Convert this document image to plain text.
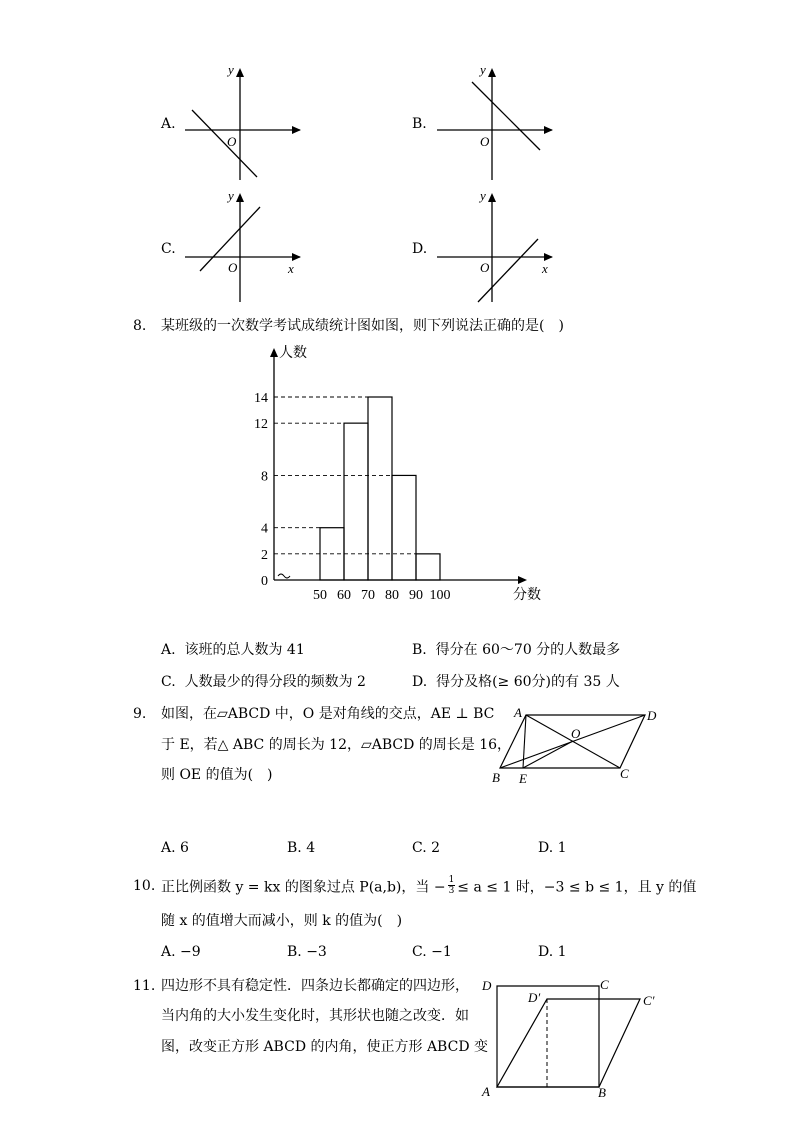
A.
y
O
B.
y
O
C.
y
O	x
D.
y
O	x
8. 某班级的一次数学考试成绩统计图如图，则下列说法正确的是(　)
人数
分数
0
2
4
8
12
14
50 60 70 80 90 100
A. 该班的总人数为 41	B. 得分在 60～70 分的人数最多
C. 人数最少的得分段的频数为 2	D. 得分及格(≥ 60分)的有 35 人
9. 如图，在▱ABCD 中，O 是对角线的交点，AE ⊥ BC
于 E，若△ ABC 的周长为 12，▱ABCD 的周长是 16，
则 OE 的值为(　)
A	D
O
B E	C
A. 6	B. 4	C. 2	D. 1
10. 正比例函数 y = kx 的图象过点 P(a,b)，当 − $\frac{1}{3} \le a \le 1$ 时，−3 ≤ b ≤ 1，且 y 的值
随 x 的值增大而减小，则 k 的值为(　)
A. −9	B. −3	C. −1	D. 1
11. 四边形不具有稳定性．四条边长都确定的四边形，
当内角的大小发生变化时，其形状也随之改变．如
图，改变正方形 ABCD 的内角，使正方形 ABCD 变
D	C
D′	C′
A	B
